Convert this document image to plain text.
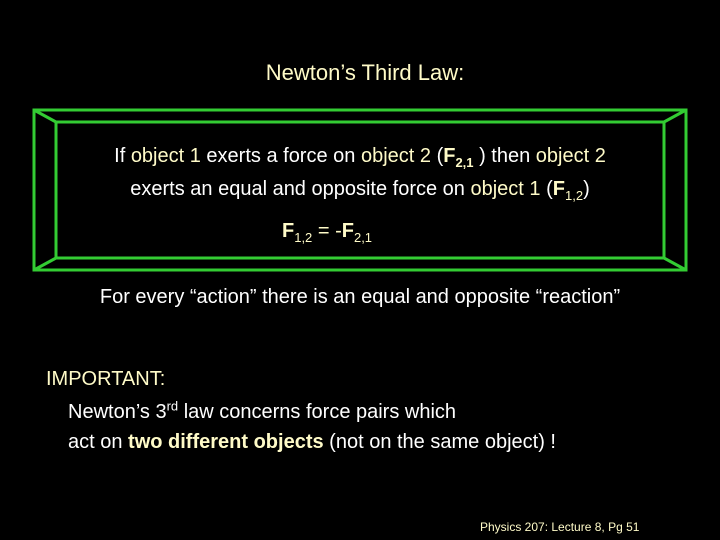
Newton’s Third Law:
If object 1 exerts a force on object 2 ($F_{2,1}$ ) then object 2
exerts an equal and opposite force on object 1 $(F_{1,2})$
$F_{1,2} = -F_{2,1}$
For every “action” there is an equal and opposite “reaction”
IMPORTANT:
Newton’s 3rd law concerns force pairs which
act on two different objects (not on the same object) !
Physics 207: Lecture 8, Pg 51
